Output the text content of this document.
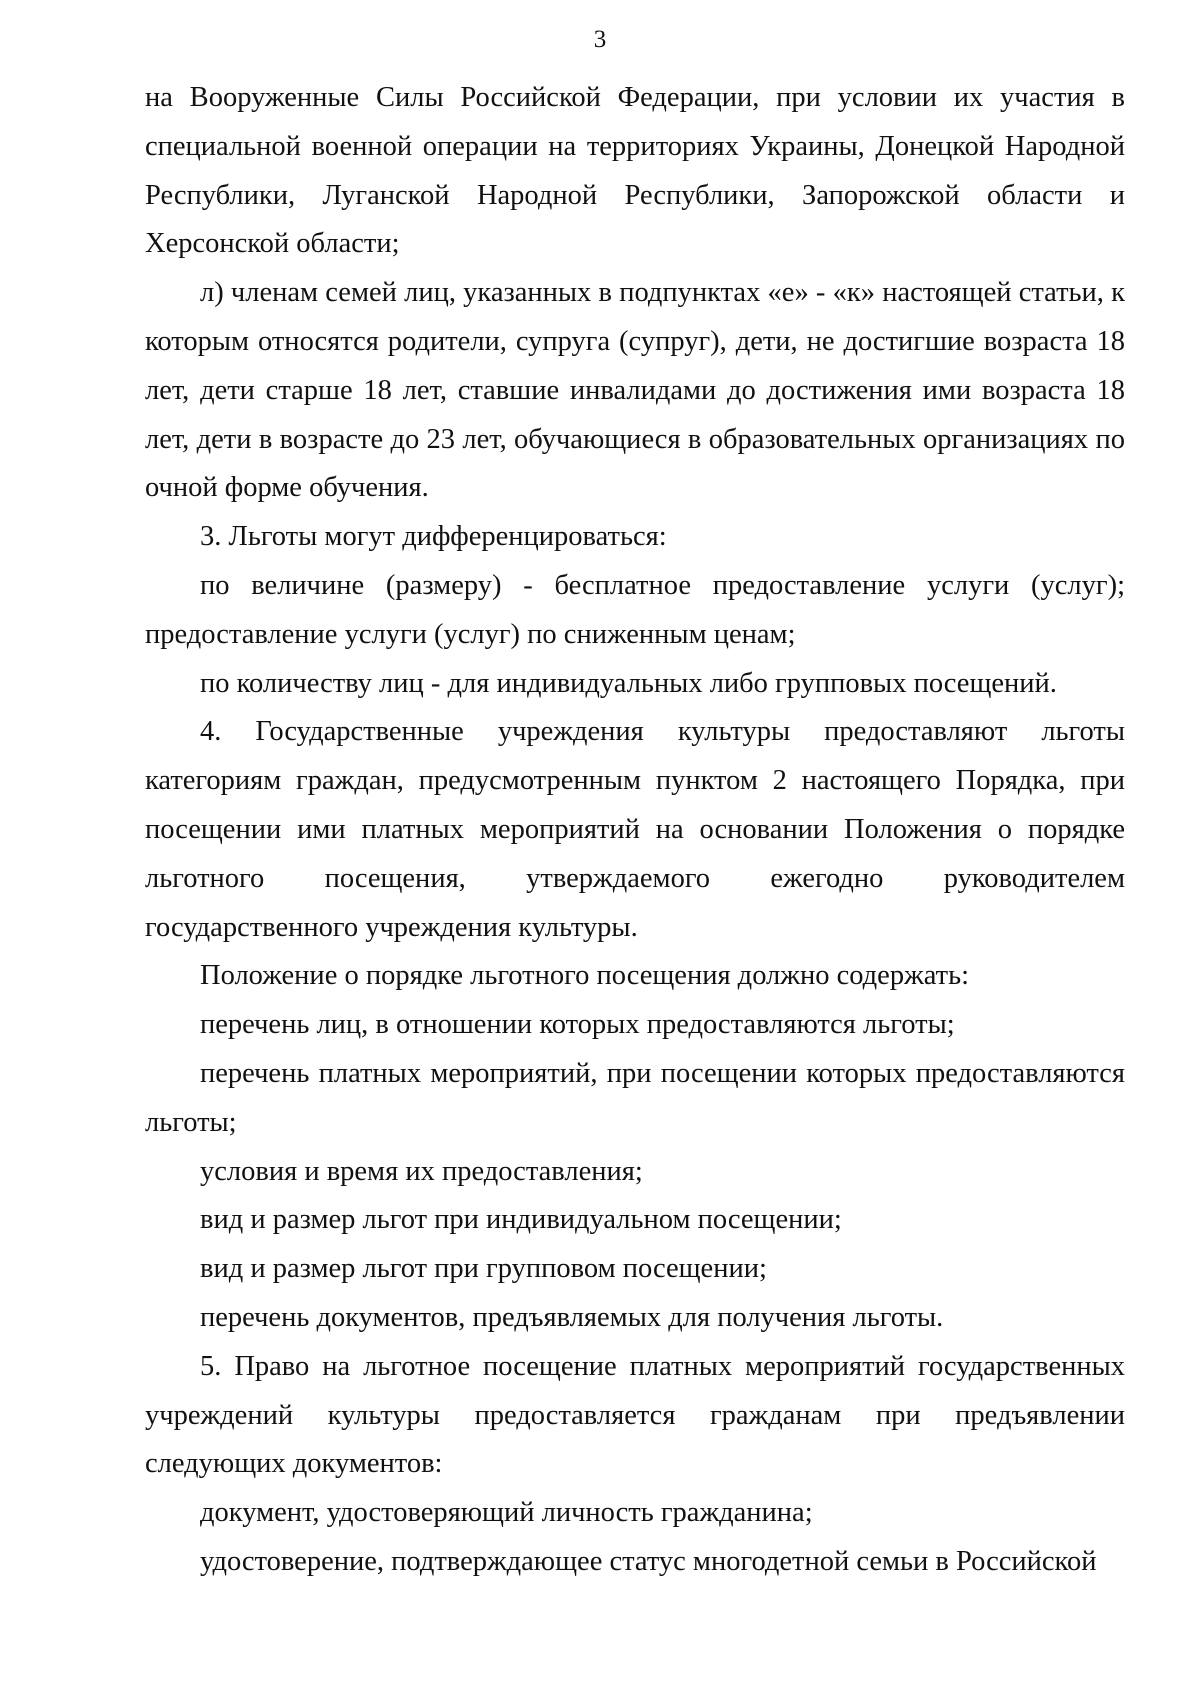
3

на Вооруженные Силы Российской Федерации, при условии их участия в специальной военной операции на территориях Украины, Донецкой Народной Республики, Луганской Народной Республики, Запорожской области и Херсонской области;

л) членам семей лиц, указанных в подпунктах «е» - «к» настоящей статьи, к которым относятся родители, супруга (супруг), дети, не достигшие возраста 18 лет, дети старше 18 лет, ставшие инвалидами до достижения ими возраста 18 лет, дети в возрасте до 23 лет, обучающиеся в образовательных организациях по очной форме обучения.

3. Льготы могут дифференцироваться:

по величине (размеру) - бесплатное предоставление услуги (услуг); предоставление услуги (услуг) по сниженным ценам;

по количеству лиц - для индивидуальных либо групповых посещений.

4. Государственные учреждения культуры предоставляют льготы категориям граждан, предусмотренным пунктом 2 настоящего Порядка, при посещении ими платных мероприятий на основании Положения о порядке льготного посещения, утверждаемого ежегодно руководителем государственного учреждения культуры.

Положение о порядке льготного посещения должно содержать:

перечень лиц, в отношении которых предоставляются льготы;

перечень платных мероприятий, при посещении которых предоставляются льготы;

условия и время их предоставления;

вид и размер льгот при индивидуальном посещении;

вид и размер льгот при групповом посещении;

перечень документов, предъявляемых для получения льготы.

5. Право на льготное посещение платных мероприятий государственных учреждений культуры предоставляется гражданам при предъявлении следующих документов:

документ, удостоверяющий личность гражданина;

удостоверение, подтверждающее статус многодетной семьи в Российской
